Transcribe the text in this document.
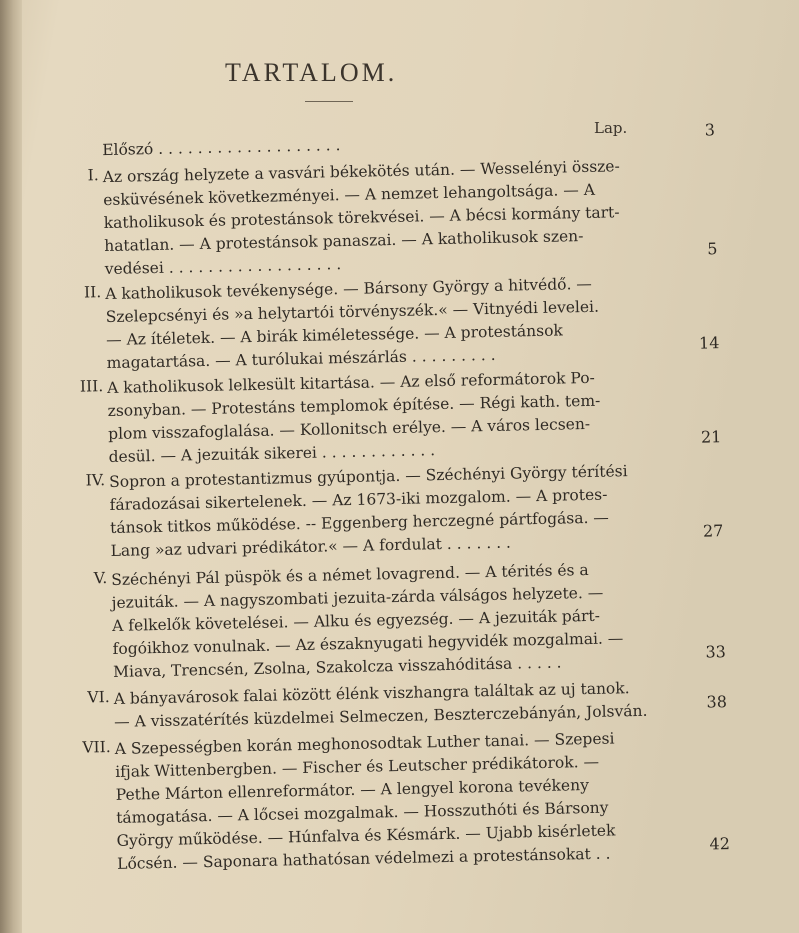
TARTALOM.
Lap.
Előszó . . . . . . . . . . . . . . . . . . .
3
I. Az ország helyzete a vasvári békekötés után. — Wesselényi össze-
esküvésének következményei. — A nemzet lehangoltsága. — A
katholikusok és protestánsok törekvései. — A bécsi kormány tart-
hatatlan. — A protestánsok panaszai. — A katholikusok szen-
vedései . . . . . . . . . . . . . . . . . .
5
II. A katholikusok tevékenysége. — Bársony György a hitvédő. —
Szelepcsényi és »a helytartói törvényszék.« — Vitnyédi levelei.
— Az ítéletek. — A birák kiméletessége. — A protestánsok
magatartása. — A turólukai mészárlás . . . . . . . . .
14
III. A katholikusok lelkesült kitartása. — Az első reformátorok Po-
zsonyban. — Protestáns templomok építése. — Régi kath. tem-
plom visszafoglalása. — Kollonitsch erélye. — A város lecsen-
desül. — A jezuiták sikerei . . . . . . . . . . . .
21
IV. Sopron a protestantizmus gyúpontja. — Széchényi György térítési
fáradozásai sikertelenek. — Az 1673-iki mozgalom. — A protes-
tánsok titkos működése. -- Eggenberg herczegné pártfogása. —
Lang »az udvari prédikátor.« — A fordulat . . . . . . .
27
V. Széchényi Pál püspök és a német lovagrend. — A térités és a
jezuiták. — A nagyszombati jezuita-zárda válságos helyzete. —
A felkelők követelései. — Alku és egyezség. — A jezuiták párt-
fogóikhoz vonulnak. — Az északnyugati hegyvidék mozgalmai. —
Miava, Trencsén, Zsolna, Szakolcza visszahóditása . . . . .
33
VI. A bányavárosok falai között élénk viszhangra találtak az uj tanok.
— A visszatérítés küzdelmei Selmeczen, Beszterczebányán, Jolsván.	38
VII. A Szepességben korán meghonosodtak Luther tanai. — Szepesi
ifjak Wittenbergben. — Fischer és Leutscher prédikátorok. —
Pethe Márton ellenreformátor. — A lengyel korona tevékeny
támogatása. — A lőcsei mozgalmak. — Hosszuthóti és Bársony
György működése. — Húnfalva és Késmárk. — Ujabb kisérletek
Lőcsén. — Saponara hathatósan védelmezi a protestánsokat . .
42
